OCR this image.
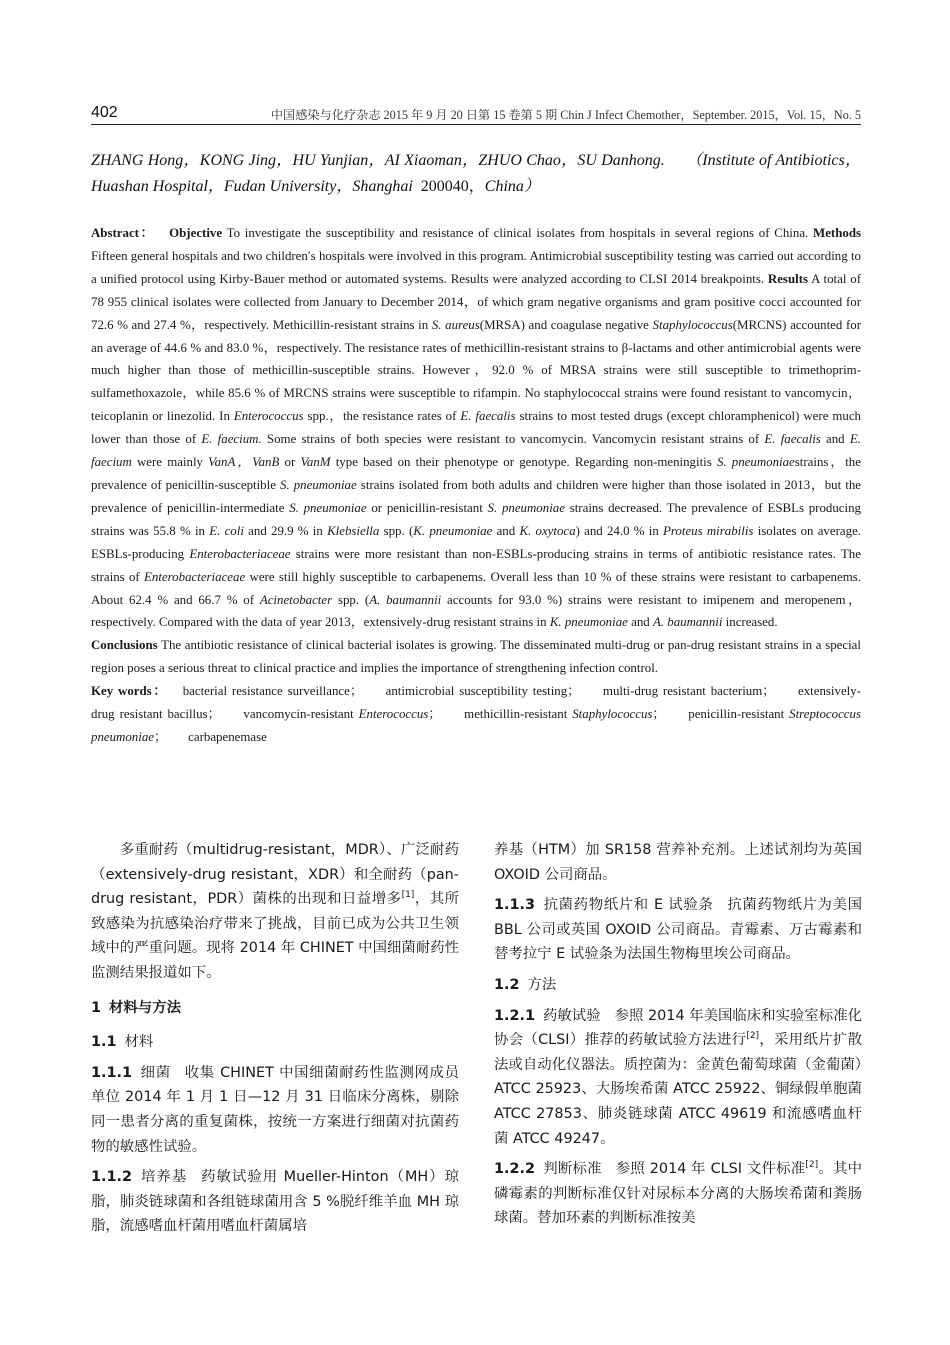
402	中国感染与化疗杂志 2015 年 9 月 20 日第 15 卷第 5 期 Chin J Infect Chemother，September. 2015，Vol. 15，No. 5
ZHANG Hong，KONG Jing，HU Yunjian，AI Xiaoman，ZHUO Chao，SU Danhong. （Institute of Antibiotics，Huashan Hospital，Fudan University，Shanghai 200040，China）
Abstract： Objective To investigate the susceptibility and resistance of clinical isolates from hospitals in several regions of China. Methods Fifteen general hospitals and two children′s hospitals were involved in this program. Antimicrobial susceptibility testing was carried out according to a unified protocol using Kirby-Bauer method or automated systems. Results were analyzed according to CLSI 2014 breakpoints. Results A total of 78 955 clinical isolates were collected from January to December 2014，of which gram negative organisms and gram positive cocci accounted for 72.6 % and 27.4 %，respectively. Methicillin-resistant strains in S. aureus(MRSA) and coagulase negative Staphylococcus(MRCNS) accounted for an average of 44.6 % and 83.0 %，respectively. The resistance rates of methicillin-resistant strains to β-lactams and other antimicrobial agents were much higher than those of methicillin-susceptible strains. However，92.0 % of MRSA strains were still susceptible to trimethoprim-sulfamethoxazole，while 85.6 % of MRCNS strains were susceptible to rifampin. No staphylococcal strains were found resistant to vancomycin，teicoplanin or linezolid. In Enterococcus spp.，the resistance rates of E. faecalis strains to most tested drugs (except chloramphenicol) were much lower than those of E. faecium. Some strains of both species were resistant to vancomycin. Vancomycin resistant strains of E. faecalis and E. faecium were mainly VanA，VanB or VanM type based on their phenotype or genotype. Regarding non-meningitis S. pneumoniaestrains，the prevalence of penicillin-susceptible S. pneumoniae strains isolated from both adults and children were higher than those isolated in 2013，but the prevalence of penicillin-intermediate S. pneumoniae or penicillin-resistant S. pneumoniae strains decreased. The prevalence of ESBLs producing strains was 55.8 % in E. coli and 29.9 % in Klebsiella spp. (K. pneumoniae and K. oxytoca) and 24.0 % in Proteus mirabilis isolates on average. ESBLs-producing Enterobacteriaceae strains were more resistant than non-ESBLs-producing strains in terms of antibiotic resistance rates. The strains of Enterobacteriaceae were still highly susceptible to carbapenems. Overall less than 10 % of these strains were resistant to carbapenems. About 62.4 % and 66.7 % of Acinetobacter spp. (A. baumannii accounts for 93.0 %) strains were resistant to imipenem and meropenem，respectively. Compared with the data of year 2013，extensively-drug resistant strains in K. pneumoniae and A. baumannii increased.
Conclusions The antibiotic resistance of clinical bacterial isolates is growing. The disseminated multi-drug or pan-drug resistant strains in a special region poses a serious threat to clinical practice and implies the importance of strengthening infection control.
Key words： bacterial resistance surveillance； antimicrobial susceptibility testing； multi-drug resistant bacterium； extensively-drug resistant bacillus； vancomycin-resistant Enterococcus； methicillin-resistant Staphylococcus； penicillin-resistant Streptococcus pneumoniae； carbapenemase

多重耐药（multidrug-resistant，MDR）、广泛耐药（extensively-drug resistant，XDR）和全耐药（pan-drug resistant，PDR）菌株的出现和日益增多[1]，其所致感染为抗感染治疗带来了挑战，目前已成为公共卫生领域中的严重问题。现将 2014 年 CHINET 中国细菌耐药性监测结果报道如下。

1 材料与方法

1.1 材料

1.1.1 细菌 收集 CHINET 中国细菌耐药性监测网成员单位 2014 年 1 月 1 日—12 月 31 日临床分离株，剔除同一患者分离的重复菌株，按统一方案进行细菌对抗菌药物的敏感性试验。

1.1.2 培养基 药敏试验用 Mueller-Hinton（MH）琼脂，肺炎链球菌和各组链球菌用含 5 %脱纤维羊血 MH 琼脂，流感嗜血杆菌用嗜血杆菌属培

养基（HTM）加 SR158 营养补充剂。上述试剂均为英国 OXOID 公司商品。

1.1.3 抗菌药物纸片和 E 试验条 抗菌药物纸片为美国 BBL 公司或英国 OXOID 公司商品。青霉素、万古霉素和替考拉宁 E 试验条为法国生物梅里埃公司商品。

1.2 方法

1.2.1 药敏试验 参照 2014 年美国临床和实验室标准化协会（CLSI）推荐的药敏试验方法进行[2]，采用纸片扩散法或自动化仪器法。质控菌为：金黄色葡萄球菌（金葡菌）ATCC 25923、大肠埃希菌 ATCC 25922、铜绿假单胞菌 ATCC 27853、肺炎链球菌 ATCC 49619 和流感嗜血杆菌 ATCC 49247。

1.2.2 判断标准 参照 2014 年 CLSI 文件标准[2]。其中磷霉素的判断标准仅针对尿标本分离的大肠埃希菌和粪肠球菌。替加环素的判断标准按美
